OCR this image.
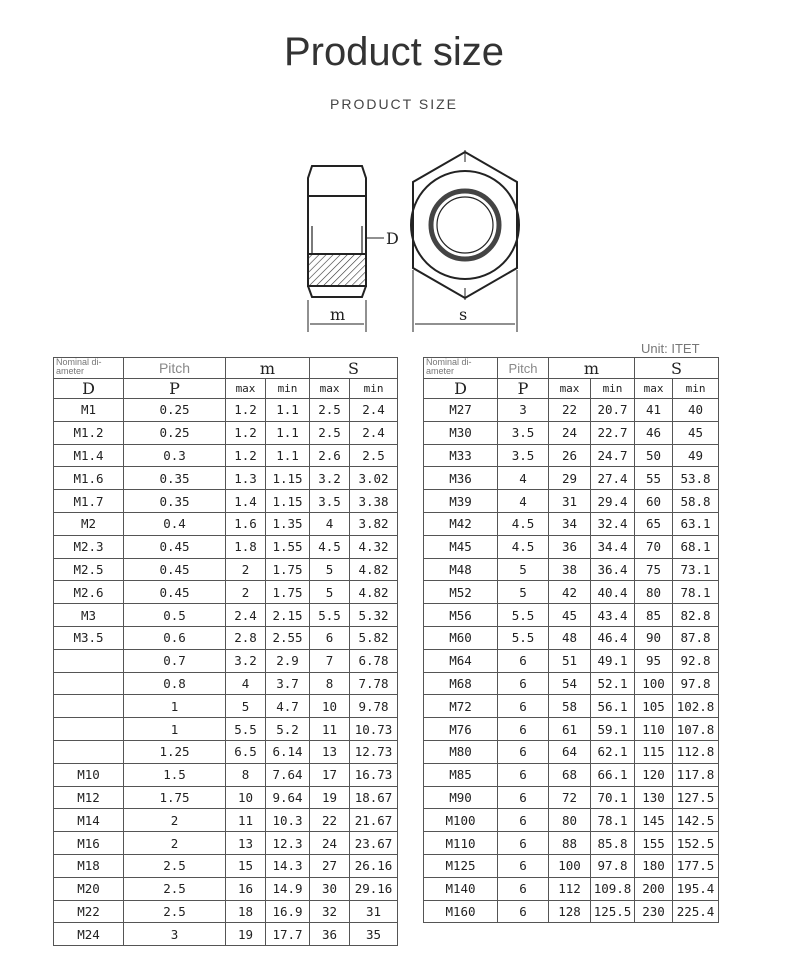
Product size
PRODUCT SIZE
D
m	s
Unit: ITET
Nominal di-
ameter	Pitch	m		S	

D	P	max	min	max	min
M1	0.25	1.2	1.1	2.5	2.4
M1.2	0.25	1.2	1.1	2.5	2.4
M1.4	0.3	1.2	1.1	2.6	2.5
M1.6	0.35	1.3	1.15	3.2	3.02
M1.7	0.35	1.4	1.15	3.5	3.38
M2	0.4	1.6	1.35	4	3.82
M2.3	0.45	1.8	1.55	4.5	4.32
M2.5	0.45	2	1.75	5	4.82
M2.6	0.45	2	1.75	5	4.82
M3	0.5	2.4	2.15	5.5	5.32
M3.5	0.6	2.8	2.55	6	5.82
	0.7	3.2	2.9	7	6.78
	0.8	4	3.7	8	7.78
	1	5	4.7	10	9.78
	1	5.5	5.2	11	10.73
	1.25	6.5	6.14	13	12.73
M10	1.5	8	7.64	17	16.73
M12	1.75	10	9.64	19	18.67
M14	2	11	10.3	22	21.67
M16	2	13	12.3	24	23.67
M18	2.5	15	14.3	27	26.16
M20	2.5	16	14.9	30	29.16
M22	2.5	18	16.9	32	31
M24	3	19	17.7	36	35
Nominal di-
ameter	Pitch	m		S	

D	P	max	min	max	min
M27	3	22	20.7	41	40
M30	3.5	24	22.7	46	45
M33	3.5	26	24.7	50	49
M36	4	29	27.4	55	53.8
M39	4	31	29.4	60	58.8
M42	4.5	34	32.4	65	63.1
M45	4.5	36	34.4	70	68.1
M48	5	38	36.4	75	73.1
M52	5	42	40.4	80	78.1
M56	5.5	45	43.4	85	82.8
M60	5.5	48	46.4	90	87.8
M64	6	51	49.1	95	92.8
M68	6	54	52.1	100	97.8
M72	6	58	56.1	105	102.8
M76	6	61	59.1	110	107.8
M80	6	64	62.1	115	112.8
M85	6	68	66.1	120	117.8
M90	6	72	70.1	130	127.5
M100	6	80	78.1	145	142.5
M110	6	88	85.8	155	152.5
M125	6	100	97.8	180	177.5
M140	6	112	109.8	200	195.4
M160	6	128	125.5	230	225.4
